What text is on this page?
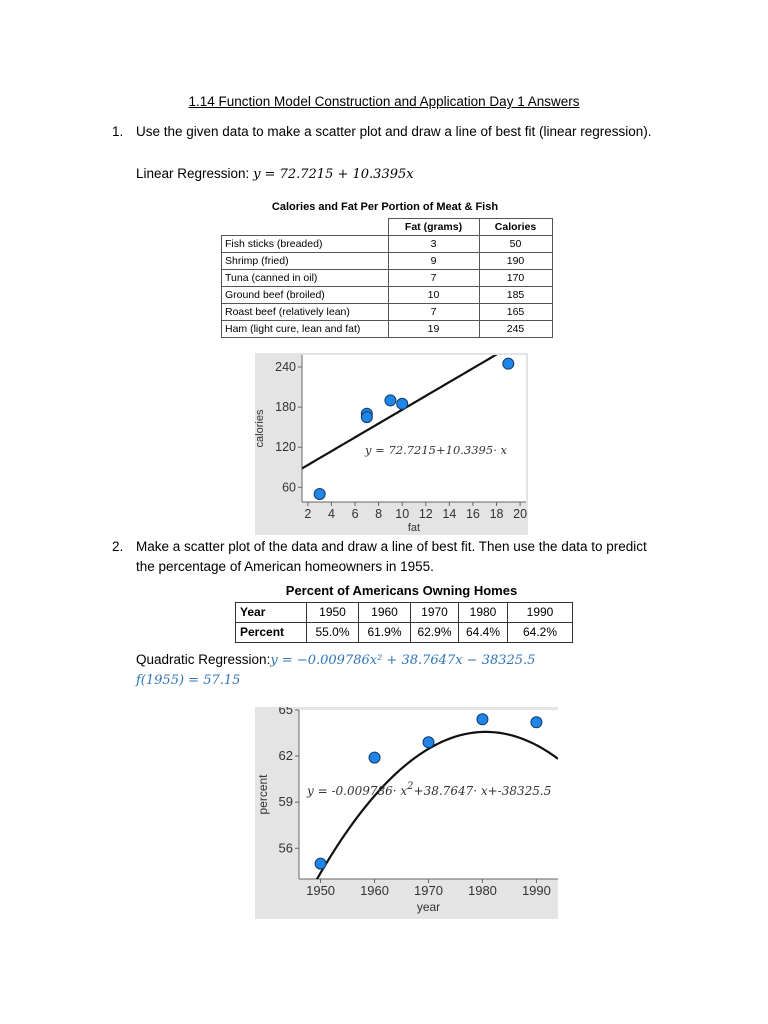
1.14 Function Model Construction and Application Day 1 Answers
1. Use the given data to make a scatter plot and draw a line of best fit (linear regression).
Linear Regression: y = 72.7215 + 10.3395x
Calories and Fat Per Portion of Meat & Fish
	Fat (grams)	Calories
Fish sticks (breaded)	3	50
Shrimp (fried)	9	190
Tuna (canned in oil)	7	170
Ground beef (broiled)	10	185
Roast beef (relatively lean)	7	165
Ham (light cure, lean and fat)	19	245
2 4 6 8 10 12 14 16 18 20
60
120
180
240
fat
calories
y = 72.7215+10.3395· x
2. Make a scatter plot of the data and draw a line of best fit. Then use the data to predict
the percentage of American homeowners in 1955.
Percent of Americans Owning Homes
Year	1950	1960	1970	1980	1990
Percent	55.0%	61.9%	62.9%	64.4%	64.2%
Quadratic Regression:y = −0.009786x² + 38.7647x − 38325.5
f(1955) = 57.15
1950 1960 1970 1980 1990
56
59
62
65
year
percent	$y = -0.009786\cdot x^2+38.7647\cdot x+-38325.5$
